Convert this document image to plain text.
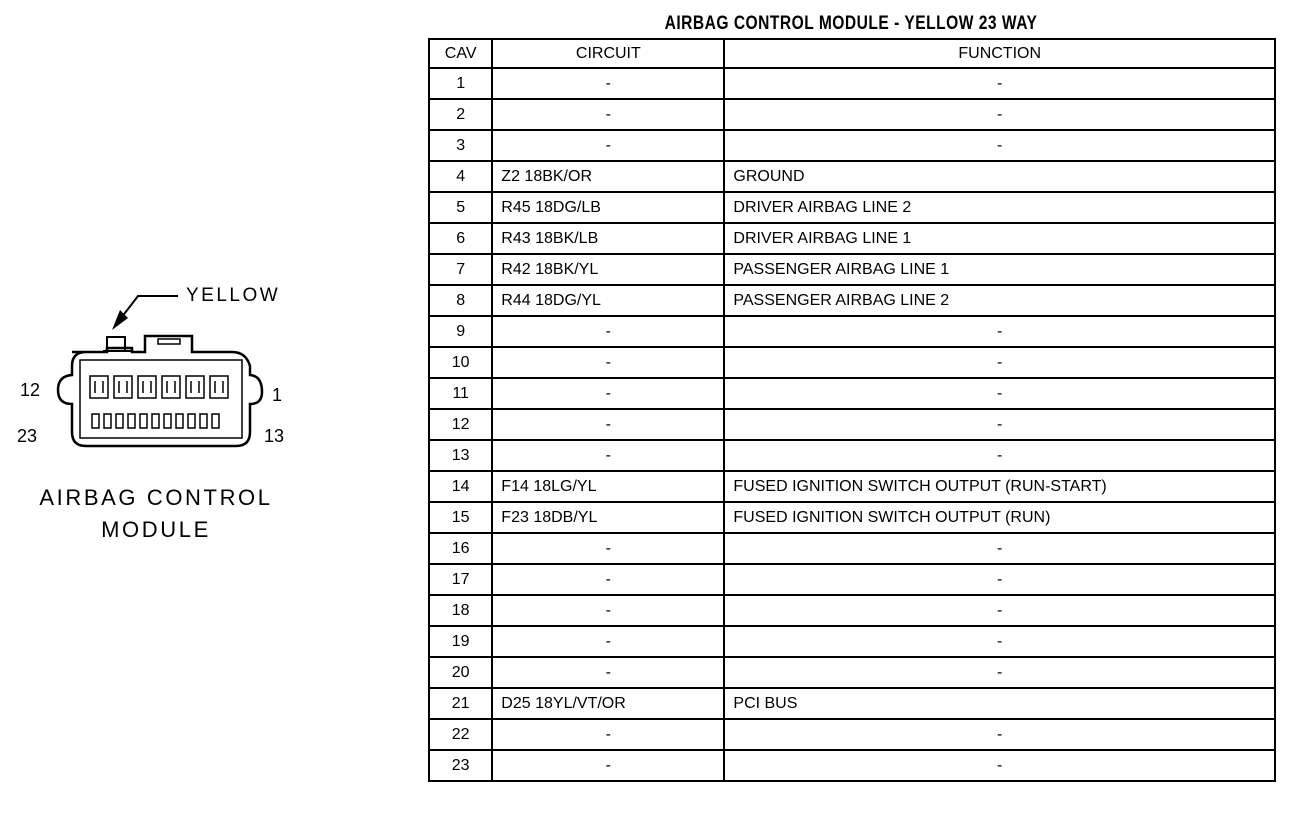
YELLOW
12	1
23	13
AIRBAG CONTROL
MODULE
AIRBAG CONTROL MODULE - YELLOW 23 WAY
CAV	CIRCUIT	FUNCTION
1	-	-
2	-	-
3	-	-
4	Z2 18BK/OR	GROUND
5	R45 18DG/LB	DRIVER AIRBAG LINE 2
6	R43 18BK/LB	DRIVER AIRBAG LINE 1
7	R42 18BK/YL	PASSENGER AIRBAG LINE 1
8	R44 18DG/YL	PASSENGER AIRBAG LINE 2
9	-	-
10	-	-
11	-	-
12	-	-
13	-	-
14	F14 18LG/YL	FUSED IGNITION SWITCH OUTPUT (RUN-START)
15	F23 18DB/YL	FUSED IGNITION SWITCH OUTPUT (RUN)
16	-	-
17	-	-
18	-	-
19	-	-
20	-	-
21	D25 18YL/VT/OR	PCI BUS
22	-	-
23	-	-
